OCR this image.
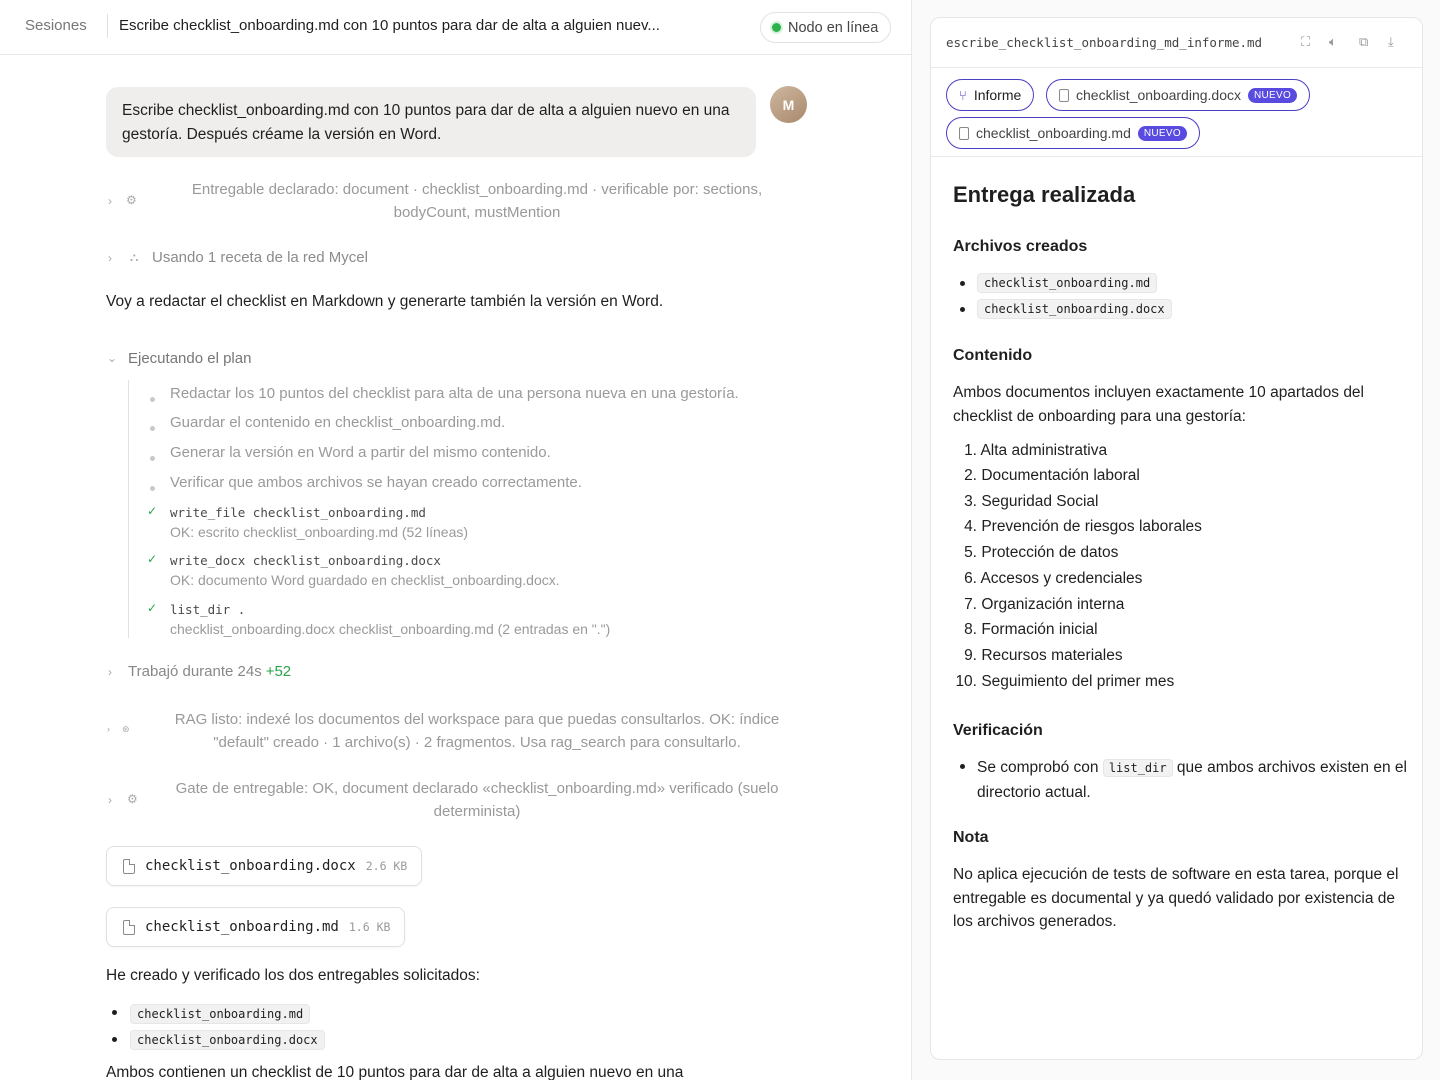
Sesiones Escribe checklist_onboarding.md con 10 puntos para dar de alta a alguien nuev...	Nodo en línea
Escribe checklist_onboarding.md con 10 puntos para dar de alta a alguien nuevo en una gestoría. Después créame la versión en Word.
M
› ⚙
Entregable declarado: document · checklist_onboarding.md · verificable por: sections, bodyCount, mustMention
› ⛬ Usando 1 receta de la red Mycel
Voy a redactar el checklist en Markdown y generarte también la versión en Word.
⌄ Ejecutando el plan
Redactar los 10 puntos del checklist para alta de una persona nueva en una gestoría.
Guardar el contenido en checklist_onboarding.md.
Generar la versión en Word a partir del mismo contenido.
Verificar que ambos archivos se hayan creado correctamente.
✓ write_file checklist_onboarding.md
OK: escrito checklist_onboarding.md (52 líneas)
✓ write_docx checklist_onboarding.docx
OK: documento Word guardado en checklist_onboarding.docx.
✓ list_dir .
checklist_onboarding.docx checklist_onboarding.md (2 entradas en ".")
› Trabajó durante 24s +52
› ⊛
RAG listo: indexé los documentos del workspace para que puedas consultarlos. OK: índice "default" creado · 1 archivo(s) · 2 fragmentos. Usa rag_search para consultarlo.
› ⚙
Gate de entregable: OK, document declarado «checklist_onboarding.md» verificado (suelo determinista)
checklist_onboarding.docx 2.6 KB
checklist_onboarding.md 1.6 KB
He creado y verificado los dos entregables solicitados:
checklist_onboarding.md
checklist_onboarding.docx
Ambos contienen un checklist de 10 puntos para dar de alta a alguien nuevo en una
escribe_checklist_onboarding_md_informe.md	⛶ 🔈︎ ⧉ ⤓
⑂ Informe	checklist_onboarding.docx	NUEVO
checklist_onboarding.md	NUEVO
Entrega realizada
Archivos creados
checklist_onboarding.md
checklist_onboarding.docx
Contenido
Ambos documentos incluyen exactamente 10 apartados del checklist de onboarding para una gestoría:
1. Alta administrativa
2. Documentación laboral
3. Seguridad Social
4. Prevención de riesgos laborales
5. Protección de datos
6. Accesos y credenciales
7. Organización interna
8. Formación inicial
9. Recursos materiales
10. Seguimiento del primer mes
Verificación
Se comprobó con list_dir que ambos archivos existen en el directorio actual.
Nota
No aplica ejecución de tests de software en esta tarea, porque el entregable es documental y ya quedó validado por existencia de los archivos generados.
